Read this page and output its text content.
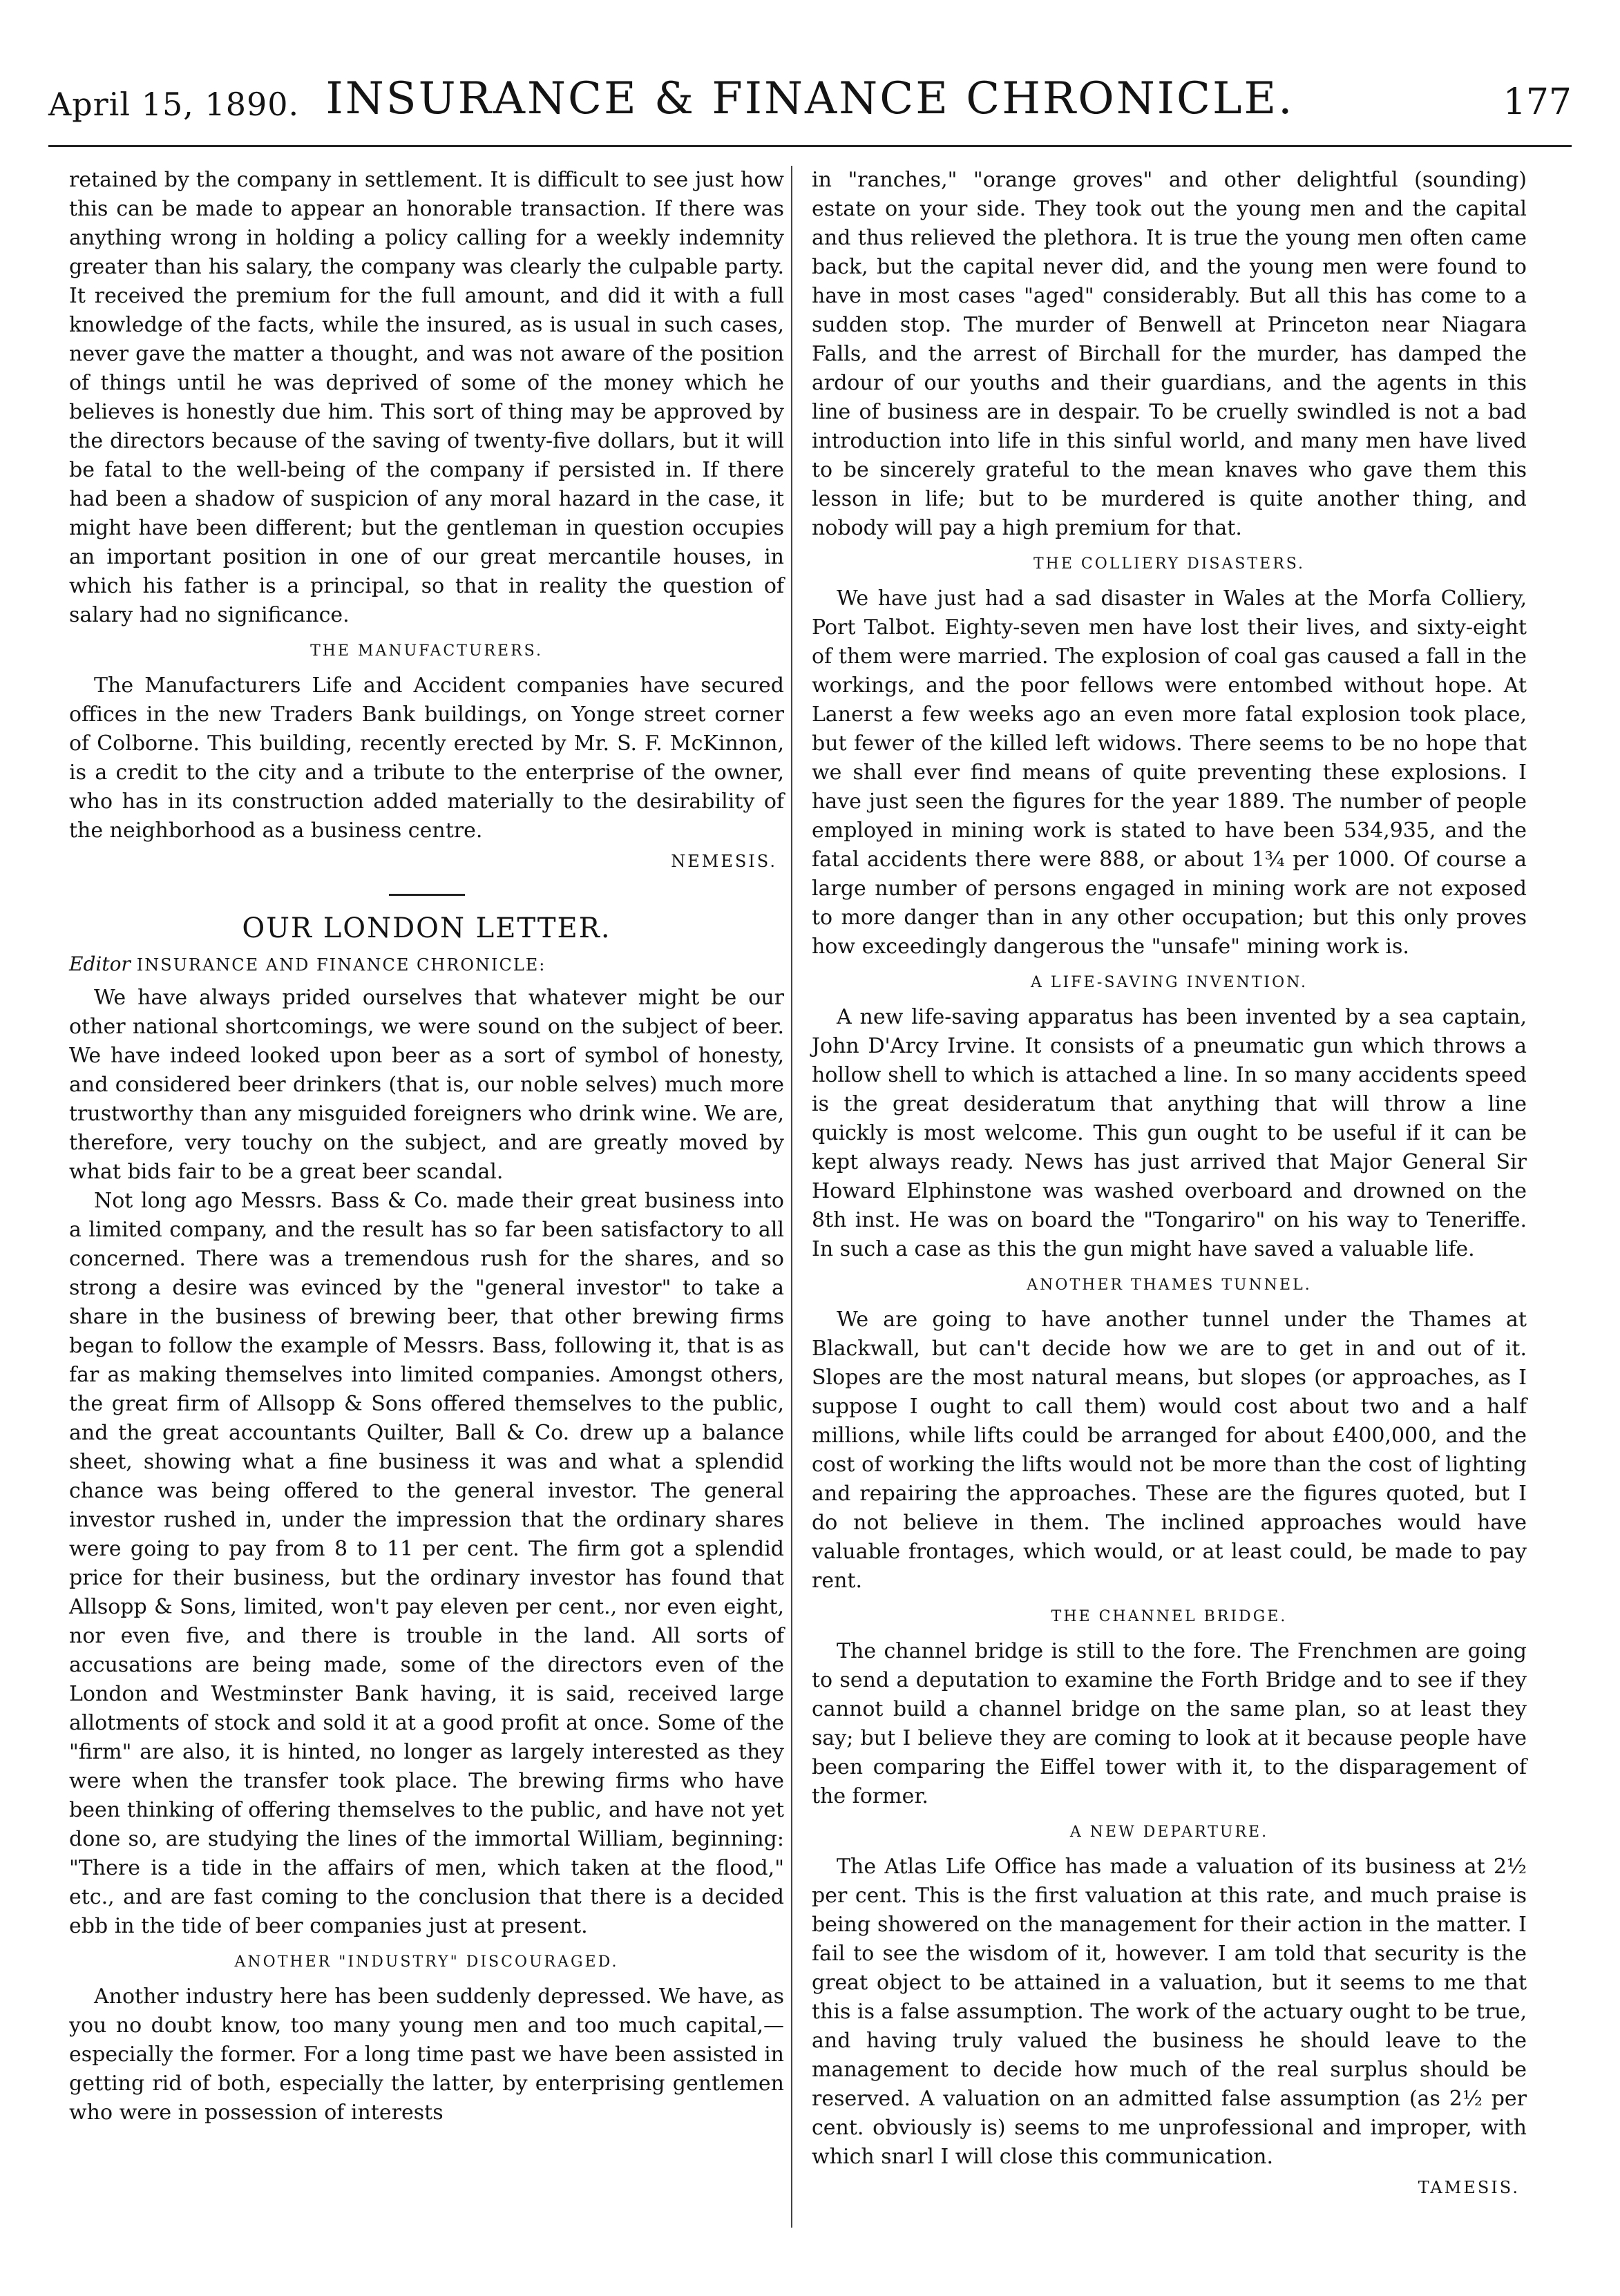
April 15, 1890. INSURANCE & FINANCE CHRONICLE.	177

retained by the company in settlement. It is difficult to see just how this can be made to appear an honorable transaction. If there was anything wrong in holding a policy calling for a weekly indemnity greater than his salary, the company was clearly the culpable party. It received the premium for the full amount, and did it with a full knowledge of the facts, while the insured, as is usual in such cases, never gave the matter a thought, and was not aware of the position of things until he was deprived of some of the money which he believes is honestly due him. This sort of thing may be approved by the directors because of the saving of twenty-five dollars, but it will be fatal to the well-being of the company if persisted in. If there had been a shadow of suspicion of any moral hazard in the case, it might have been different; but the gentleman in question occupies an important position in one of our great mercantile houses, in which his father is a principal, so that in reality the question of salary had no significance.

THE MANUFACTURERS.

The Manufacturers Life and Accident companies have secured offices in the new Traders Bank buildings, on Yonge street corner of Colborne. This building, recently erected by Mr. S. F. McKinnon, is a credit to the city and a tribute to the enterprise of the owner, who has in its construction added materially to the desirability of the neighborhood as a business centre.

NEMESIS.
OUR LONDON LETTER.
Editor INSURANCE AND FINANCE CHRONICLE:

We have always prided ourselves that whatever might be our other national shortcomings, we were sound on the subject of beer. We have indeed looked upon beer as a sort of symbol of honesty, and considered beer drinkers (that is, our noble selves) much more trustworthy than any misguided foreigners who drink wine. We are, therefore, very touchy on the subject, and are greatly moved by what bids fair to be a great beer scandal.

Not long ago Messrs. Bass & Co. made their great business into a limited company, and the result has so far been satisfactory to all concerned. There was a tremendous rush for the shares, and so strong a desire was evinced by the "general investor" to take a share in the business of brewing beer, that other brewing firms began to follow the example of Messrs. Bass, following it, that is as far as making themselves into limited companies. Amongst others, the great firm of Allsopp & Sons offered themselves to the public, and the great accountants Quilter, Ball & Co. drew up a balance sheet, showing what a fine business it was and what a splendid chance was being offered to the general investor. The general investor rushed in, under the impression that the ordinary shares were going to pay from 8 to 11 per cent. The firm got a splendid price for their business, but the ordinary investor has found that Allsopp & Sons, limited, won't pay eleven per cent., nor even eight, nor even five, and there is trouble in the land. All sorts of accusations are being made, some of the directors even of the London and Westminster Bank having, it is said, received large allotments of stock and sold it at a good profit at once. Some of the "firm" are also, it is hinted, no longer as largely interested as they were when the transfer took place. The brewing firms who have been thinking of offering themselves to the public, and have not yet done so, are studying the lines of the immortal William, beginning: "There is a tide in the affairs of men, which taken at the flood," etc., and are fast coming to the conclusion that there is a decided ebb in the tide of beer companies just at present.

ANOTHER "INDUSTRY" DISCOURAGED.

Another industry here has been suddenly depressed. We have, as you no doubt know, too many young men and too much capital,—especially the former. For a long time past we have been assisted in getting rid of both, especially the latter, by enterprising gentlemen who were in possession of interests

in "ranches," "orange groves" and other delightful (sounding) estate on your side. They took out the young men and the capital and thus relieved the plethora. It is true the young men often came back, but the capital never did, and the young men were found to have in most cases "aged" considerably. But all this has come to a sudden stop. The murder of Benwell at Princeton near Niagara Falls, and the arrest of Birchall for the murder, has damped the ardour of our youths and their guardians, and the agents in this line of business are in despair. To be cruelly swindled is not a bad introduction into life in this sinful world, and many men have lived to be sincerely grateful to the mean knaves who gave them this lesson in life; but to be murdered is quite another thing, and nobody will pay a high premium for that.

THE COLLIERY DISASTERS.

We have just had a sad disaster in Wales at the Morfa Colliery, Port Talbot. Eighty-seven men have lost their lives, and sixty-eight of them were married. The explosion of coal gas caused a fall in the workings, and the poor fellows were entombed without hope. At Lanerst a few weeks ago an even more fatal explosion took place, but fewer of the killed left widows. There seems to be no hope that we shall ever find means of quite preventing these explosions. I have just seen the figures for the year 1889. The number of people employed in mining work is stated to have been 534,935, and the fatal accidents there were 888, or about 1¾ per 1000. Of course a large number of persons engaged in mining work are not exposed to more danger than in any other occupation; but this only proves how exceedingly dangerous the "unsafe" mining work is.

A LIFE-SAVING INVENTION.

A new life-saving apparatus has been invented by a sea captain, John D'Arcy Irvine. It consists of a pneumatic gun which throws a hollow shell to which is attached a line. In so many accidents speed is the great desideratum that anything that will throw a line quickly is most welcome. This gun ought to be useful if it can be kept always ready. News has just arrived that Major General Sir Howard Elphinstone was washed overboard and drowned on the 8th inst. He was on board the "Tongariro" on his way to Teneriffe. In such a case as this the gun might have saved a valuable life.

ANOTHER THAMES TUNNEL.

We are going to have another tunnel under the Thames at Blackwall, but can't decide how we are to get in and out of it. Slopes are the most natural means, but slopes (or approaches, as I suppose I ought to call them) would cost about two and a half millions, while lifts could be arranged for about £400,000, and the cost of working the lifts would not be more than the cost of lighting and repairing the approaches. These are the figures quoted, but I do not believe in them. The inclined approaches would have valuable frontages, which would, or at least could, be made to pay rent.

THE CHANNEL BRIDGE.

The channel bridge is still to the fore. The Frenchmen are going to send a deputation to examine the Forth Bridge and to see if they cannot build a channel bridge on the same plan, so at least they say; but I believe they are coming to look at it because people have been comparing the Eiffel tower with it, to the disparagement of the former.

A NEW DEPARTURE.

The Atlas Life Office has made a valuation of its business at 2½ per cent. This is the first valuation at this rate, and much praise is being showered on the management for their action in the matter. I fail to see the wisdom of it, however. I am told that security is the great object to be attained in a valuation, but it seems to me that this is a false assumption. The work of the actuary ought to be true, and having truly valued the business he should leave to the management to decide how much of the real surplus should be reserved. A valuation on an admitted false assumption (as 2½ per cent. obviously is) seems to me unprofessional and improper, with which snarl I will close this communication.

TAMESIS.
